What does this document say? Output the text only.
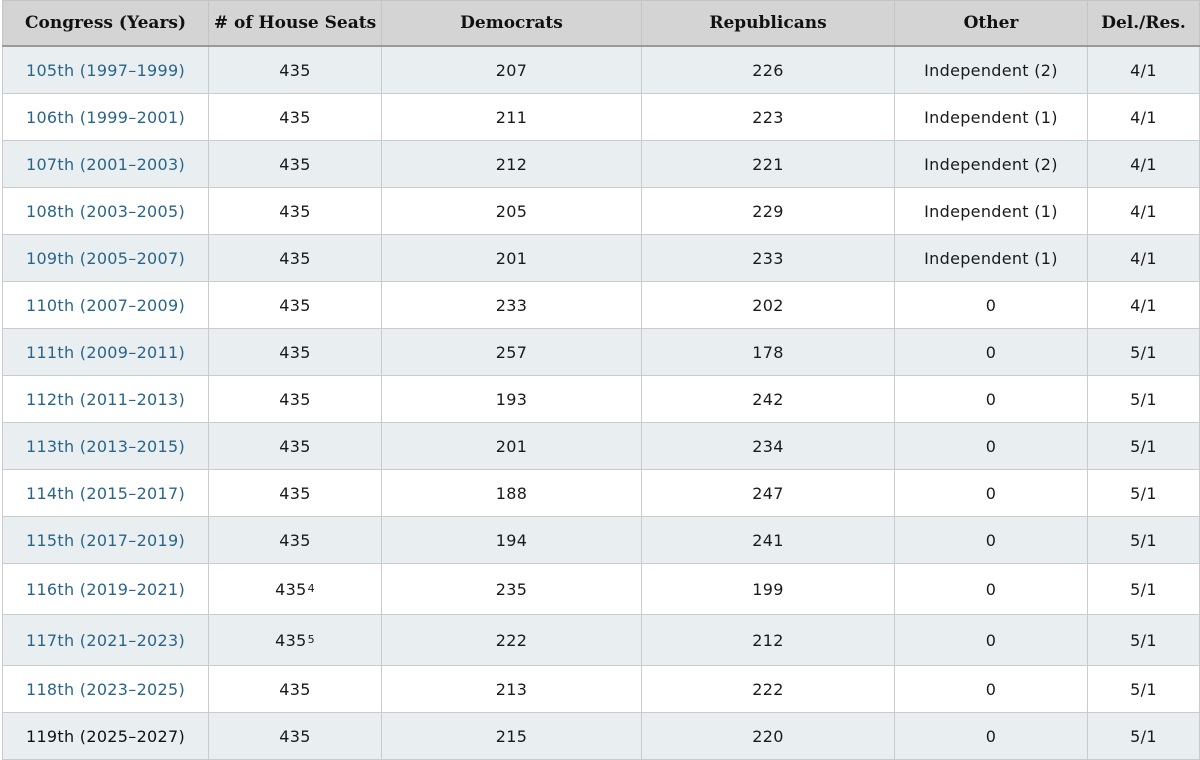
Congress (Years)	# of House Seats	Democrats	Republicans	Other	Del./Res.
105th (1997–1999)	435	207	226	Independent (2)	4/1
106th (1999–2001)	435	211	223	Independent (1)	4/1
107th (2001–2003)	435	212	221	Independent (2)	4/1
108th (2003–2005)	435	205	229	Independent (1)	4/1
109th (2005–2007)	435	201	233	Independent (1)	4/1
110th (2007–2009)	435	233	202	0	4/1
111th (2009–2011)	435	257	178	0	5/1
112th (2011–2013)	435	193	242	0	5/1
113th (2013–2015)	435	201	234	0	5/1
114th (2015–2017)	435	188	247	0	5/1
115th (2017–2019)	435	194	241	0	5/1
116th (2019–2021)	$435^4$	235	199	0	5/1
117th (2021–2023)	$435^5$	222	212	0	5/1
118th (2023–2025)	435	213	222	0	5/1
119th (2025–2027)	435	215	220	0	5/1
